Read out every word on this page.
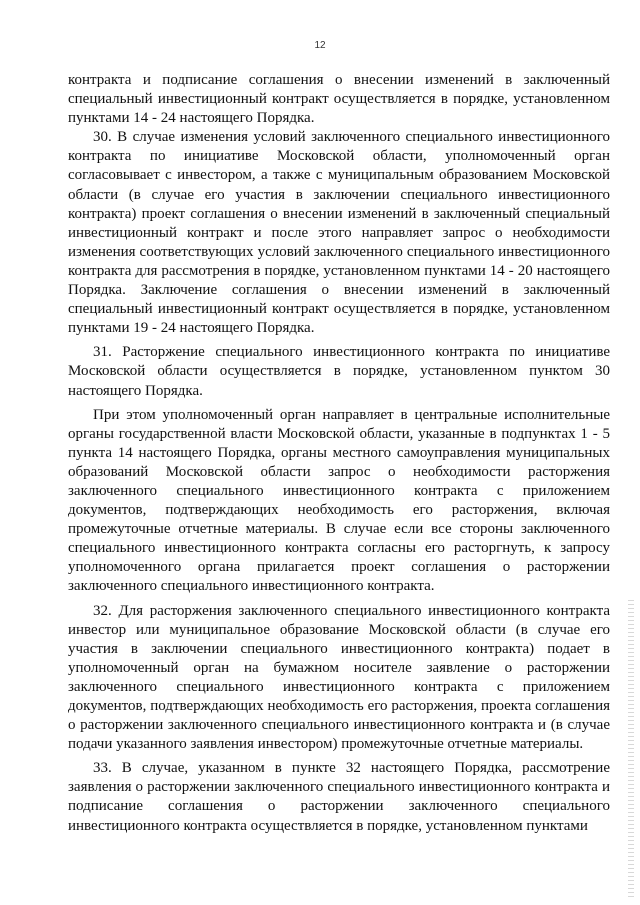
12

контракта и подписание соглашения о внесении изменений в заключенный специальный инвестиционный контракт осуществляется в порядке, установленном пунктами 14 - 24 настоящего Порядка.

30. В случае изменения условий заключенного специального инвестиционного контракта по инициативе Московской области, уполномоченный орган согласовывает с инвестором, а также с муниципальным образованием Московской области (в случае его участия в заключении специального инвестиционного контракта) проект соглашения о внесении изменений в заключенный специальный инвестиционный контракт и после этого направляет запрос о необходимости изменения соответствующих условий заключенного специального инвестиционного контракта для рассмотрения в порядке, установленном пунктами 14 - 20 настоящего Порядка. Заключение соглашения о внесении изменений в заключенный специальный инвестиционный контракт осуществляется в порядке, установленном пунктами 19 - 24 настоящего Порядка.

31. Расторжение специального инвестиционного контракта по инициативе Московской области осуществляется в порядке, установленном пунктом 30 настоящего Порядка.

При этом уполномоченный орган направляет в центральные исполнительные органы государственной власти Московской области, указанные в подпунктах 1 - 5 пункта 14 настоящего Порядка, органы местного самоуправления муниципальных образований Московской области запрос о необходимости расторжения заключенного специального инвестиционного контракта с приложением документов, подтверждающих необходимость его расторжения, включая промежуточные отчетные материалы. В случае если все стороны заключенного специального инвестиционного контракта согласны его расторгнуть, к запросу уполномоченного органа прилагается проект соглашения о расторжении заключенного специального инвестиционного контракта.

32. Для расторжения заключенного специального инвестиционного контракта инвестор или муниципальное образование Московской области (в случае его участия в заключении специального инвестиционного контракта) подает в уполномоченный орган на бумажном носителе заявление о расторжении заключенного специального инвестиционного контракта с приложением документов, подтверждающих необходимость его расторжения, проекта соглашения о расторжении заключенного специального инвестиционного контракта и (в случае подачи указанного заявления инвестором) промежуточные отчетные материалы.

33. В случае, указанном в пункте 32 настоящего Порядка, рассмотрение заявления о расторжении заключенного специального инвестиционного контракта и подписание соглашения о расторжении заключенного специального инвестиционного контракта осуществляется в порядке, установленном пунктами
